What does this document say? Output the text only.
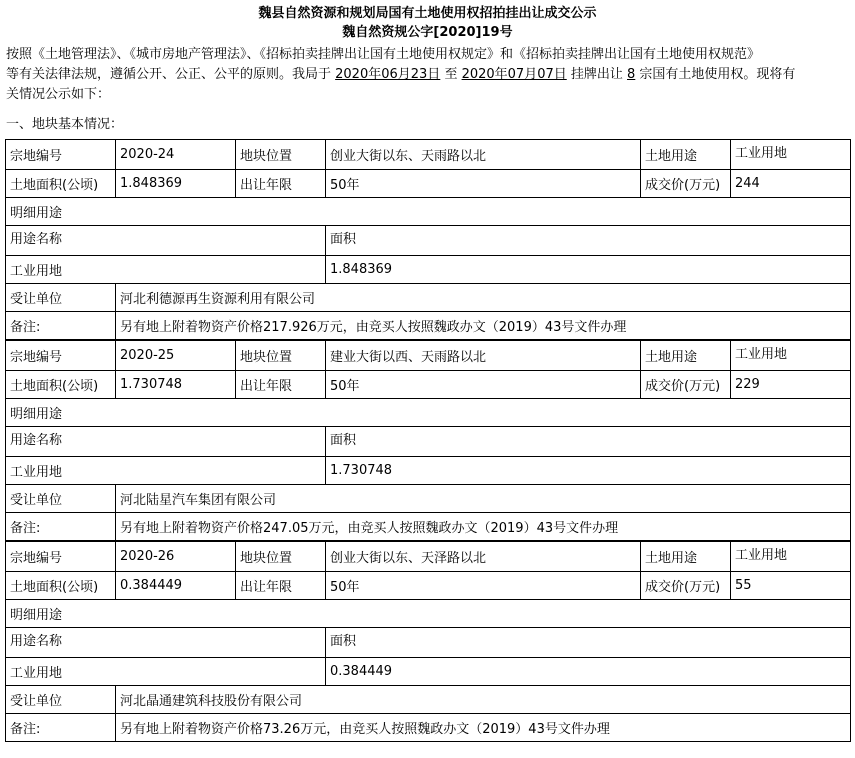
魏县自然资源和规划局国有土地使用权招拍挂出让成交公示
魏自然资规公字[2020]19号
按照《土地管理法》、《城市房地产管理法》、《招标拍卖挂牌出让国有土地使用权规定》和《招标拍卖挂牌出让国有土地使用权规范》
等有关法律法规，遵循公开、公正、公平的原则。我局于 2020年06月23日 至 2020年07月07日 挂牌出让 8 宗国有土地使用权。现将有
关情况公示如下：
一、地块基本情况：
宗地编号	2020-24	地块位置	创业大街以东、天雨路以北	土地用途	工业用地
土地面积(公顷)	1.848369	出让年限	50年	成交价(万元)	244
明细用途					
用途名称			面积		
工业用地			1.848369		
受让单位	河北利德源再生资源利用有限公司				
备注:	另有地上附着物资产价格217.926万元，由竞买人按照魏政办文（2019）43号文件办理				
宗地编号	2020-25	地块位置	建业大街以西、天雨路以北	土地用途	工业用地
土地面积(公顷)	1.730748	出让年限	50年	成交价(万元)	229
明细用途					
用途名称			面积		
工业用地			1.730748		
受让单位	河北陆星汽车集团有限公司				
备注:	另有地上附着物资产价格247.05万元，由竞买人按照魏政办文（2019）43号文件办理				
宗地编号	2020-26	地块位置	创业大街以东、天泽路以北	土地用途	工业用地
土地面积(公顷)	0.384449	出让年限	50年	成交价(万元)	55
明细用途					
用途名称			面积		
工业用地			0.384449		
受让单位	河北晶通建筑科技股份有限公司				
备注:	另有地上附着物资产价格73.26万元，由竞买人按照魏政办文（2019）43号文件办理				
